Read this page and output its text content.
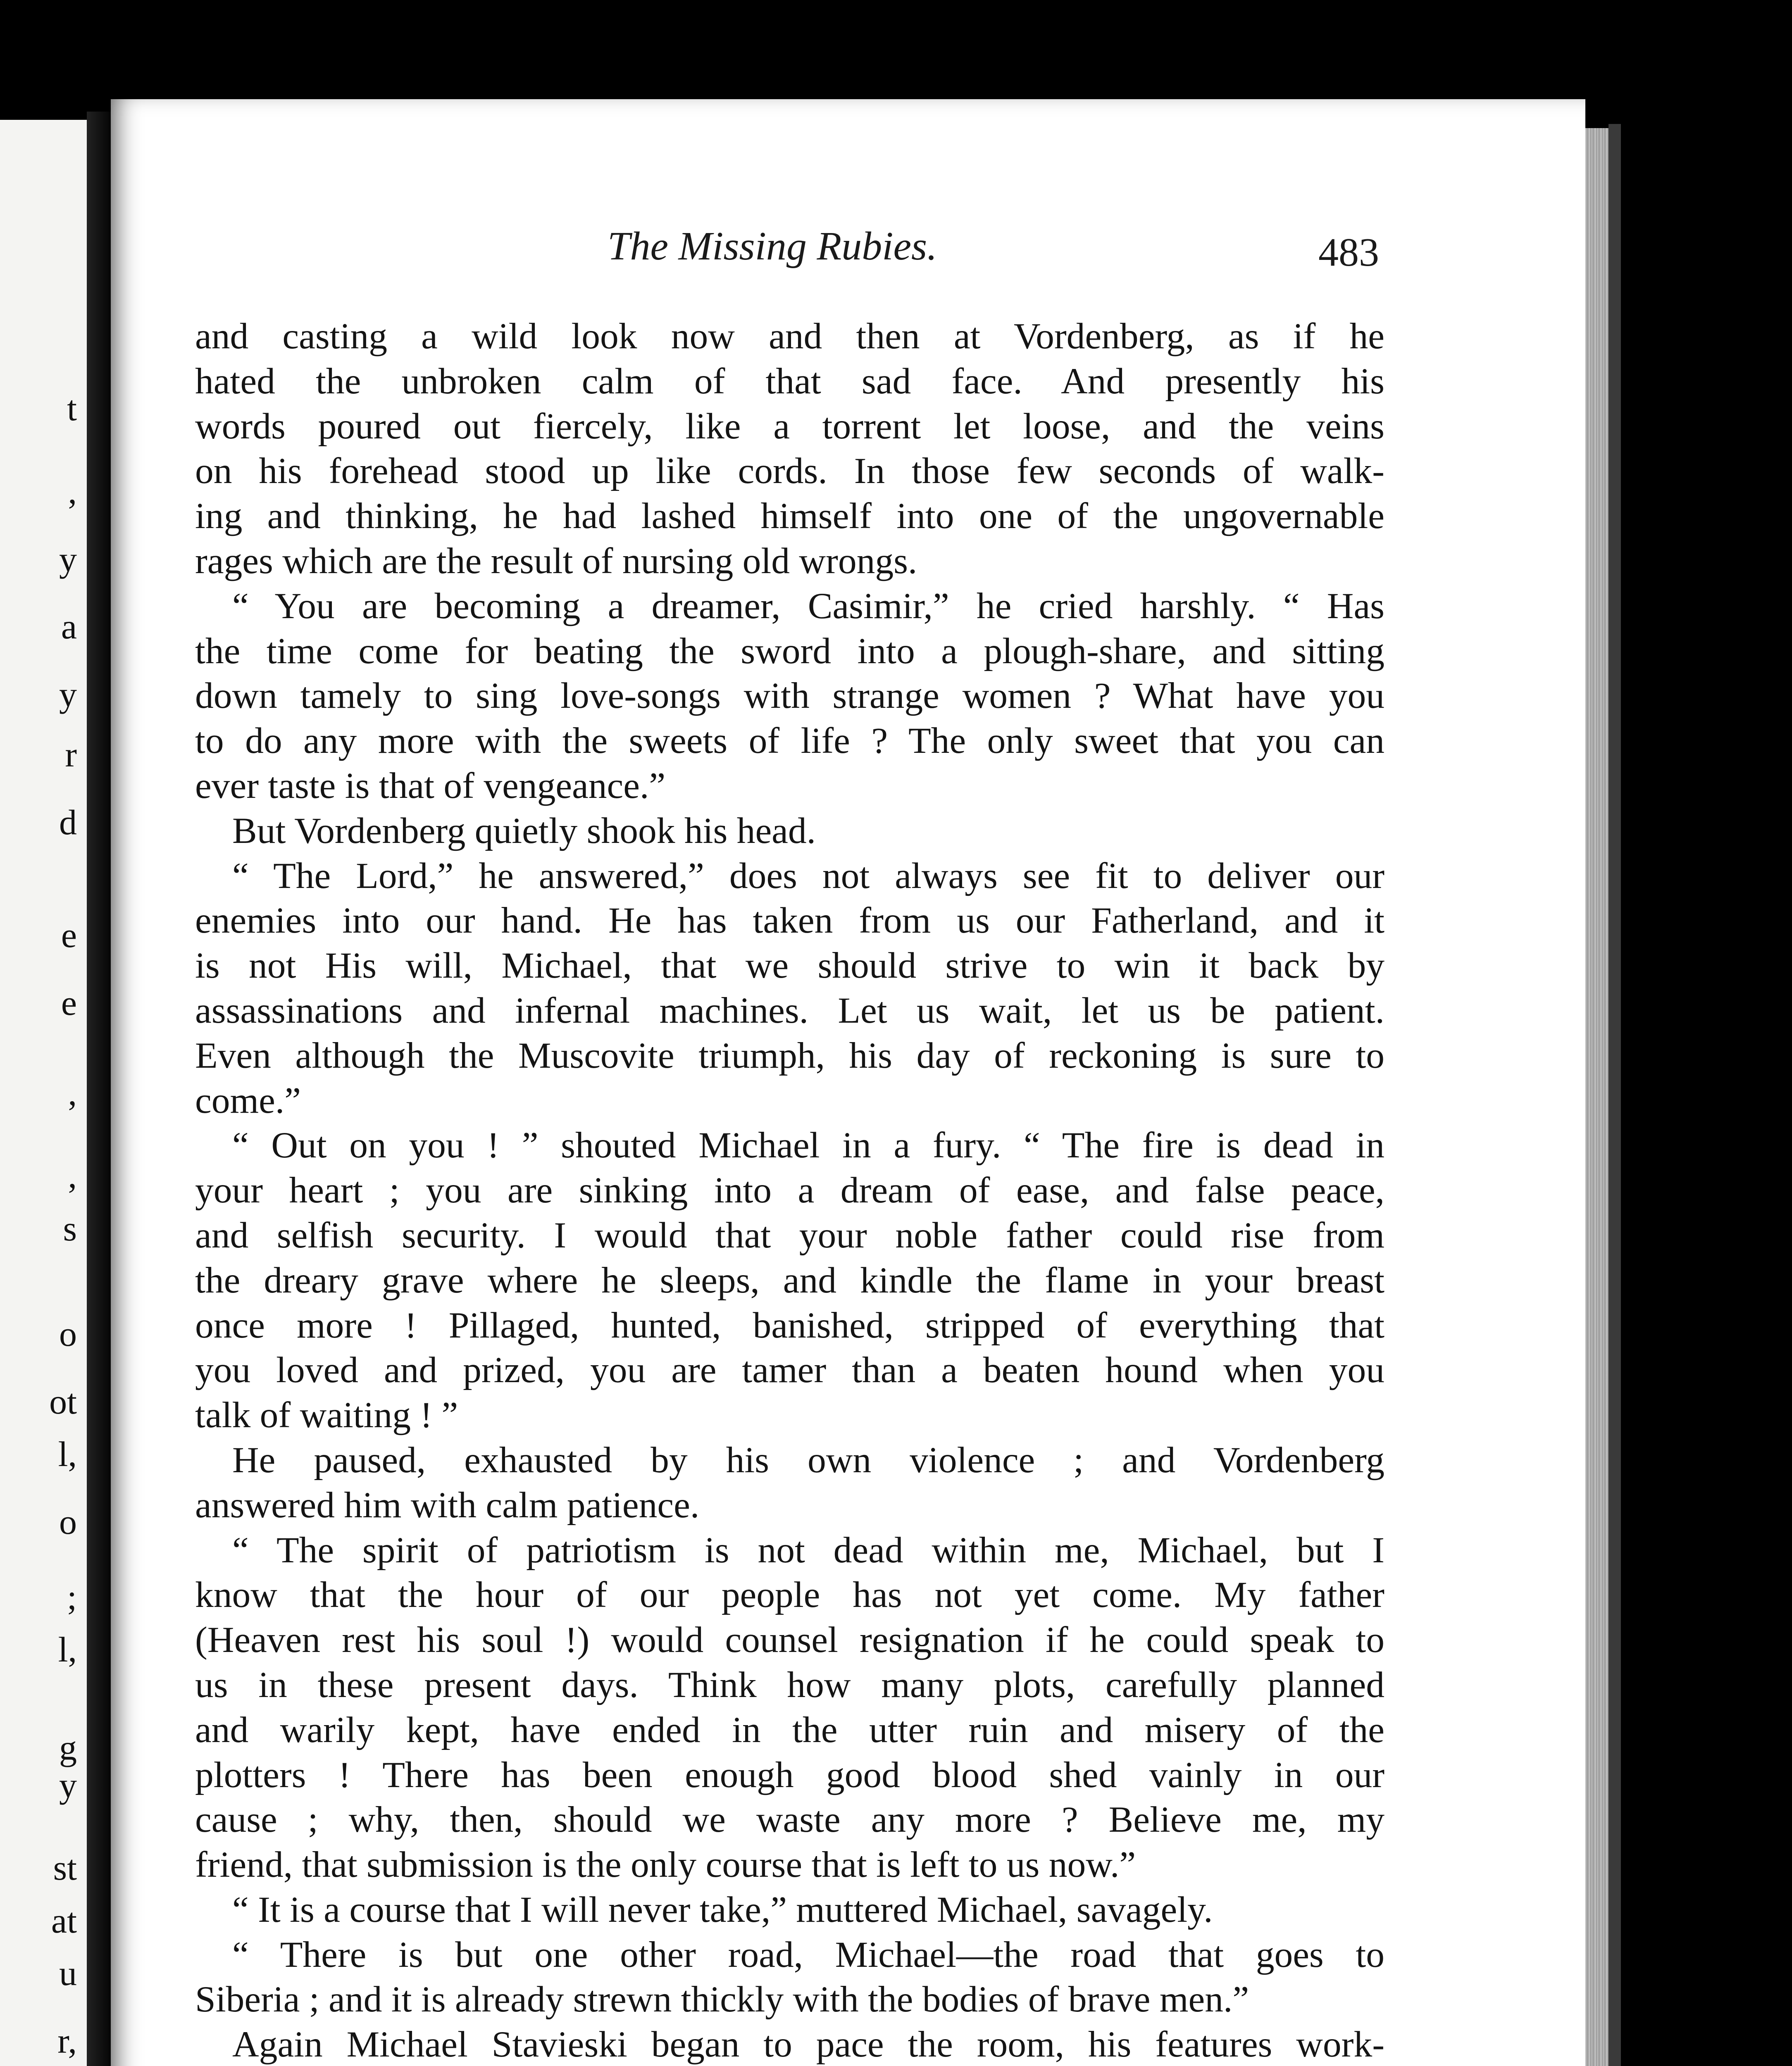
t
,
y
a
y
r
d
e
e
,
,
s
o
ot
l,
o
;
l,
g
y
st
at
u
r,
The Missing Rubies.	483
and casting a wild look now and then at Vordenberg, as if he
hated the unbroken calm of that sad face. And presently his
words poured out fiercely, like a torrent let loose, and the veins
on his forehead stood up like cords. In those few seconds of walk-
ing and thinking, he had lashed himself into one of the ungovernable
rages which are the result of nursing old wrongs.
“ You are becoming a dreamer, Casimir,” he cried harshly. “ Has
the time come for beating the sword into a plough-share, and sitting
down tamely to sing love-songs with strange women ? What have you
to do any more with the sweets of life ? The only sweet that you can
ever taste is that of vengeance.”
But Vordenberg quietly shook his head.
“ The Lord,” he answered,” does not always see fit to deliver our
enemies into our hand. He has taken from us our Fatherland, and it
is not His will, Michael, that we should strive to win it back by
assassinations and infernal machines. Let us wait, let us be patient.
Even although the Muscovite triumph, his day of reckoning is sure to
come.”
“ Out on you ! ” shouted Michael in a fury. “ The fire is dead in
your heart ; you are sinking into a dream of ease, and false peace,
and selfish security. I would that your noble father could rise from
the dreary grave where he sleeps, and kindle the flame in your breast
once more ! Pillaged, hunted, banished, stripped of everything that
you loved and prized, you are tamer than a beaten hound when you
talk of waiting ! ”
He paused, exhausted by his own violence ; and Vordenberg
answered him with calm patience.
“ The spirit of patriotism is not dead within me, Michael, but I
know that the hour of our people has not yet come. My father
(Heaven rest his soul !) would counsel resignation if he could speak to
us in these present days. Think how many plots, carefully planned
and warily kept, have ended in the utter ruin and misery of the
plotters ! There has been enough good blood shed vainly in our
cause ; why, then, should we waste any more ? Believe me, my
friend, that submission is the only course that is left to us now.”
“ It is a course that I will never take,” muttered Michael, savagely.
“ There is but one other road, Michael—the road that goes to
Siberia ; and it is already strewn thickly with the bodies of brave men.”
Again Michael Stavieski began to pace the room, his features work-
